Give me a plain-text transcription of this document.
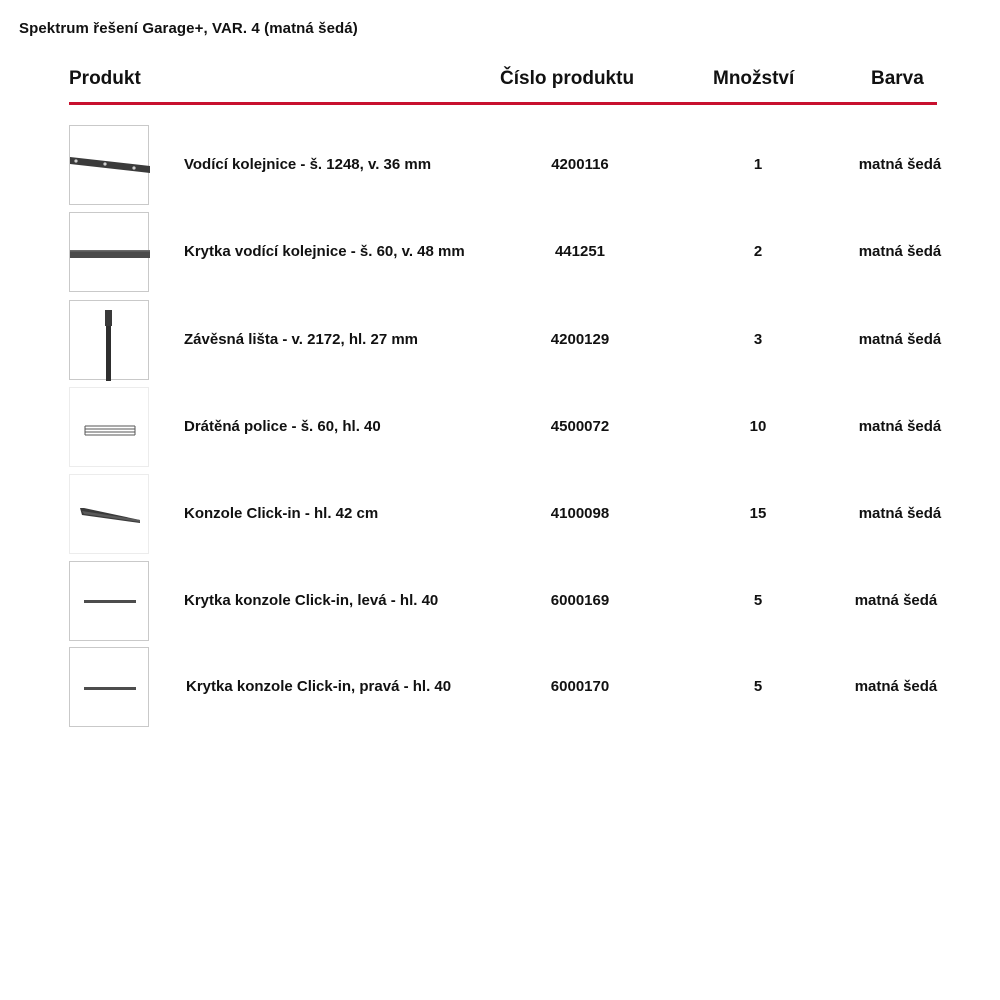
Spektrum řešení Garage+, VAR. 4 (matná šedá)
Produkt	Číslo produktu	Množství	Barva
Vodící kolejnice - š. 1248, v. 36 mm	4200116	1	matná šedá
Krytka vodící kolejnice - š. 60, v. 48 mm	441251	2	matná šedá
Závěsná lišta - v. 2172, hl. 27 mm	4200129	3	matná šedá
Drátěná police - š. 60, hl. 40	4500072	10	matná šedá
Konzole Click-in - hl. 42 cm	4100098	15	matná šedá
Krytka konzole Click-in, levá - hl. 40	6000169	5	matná šedá
Krytka konzole Click-in, pravá - hl. 40	6000170	5	matná šedá
